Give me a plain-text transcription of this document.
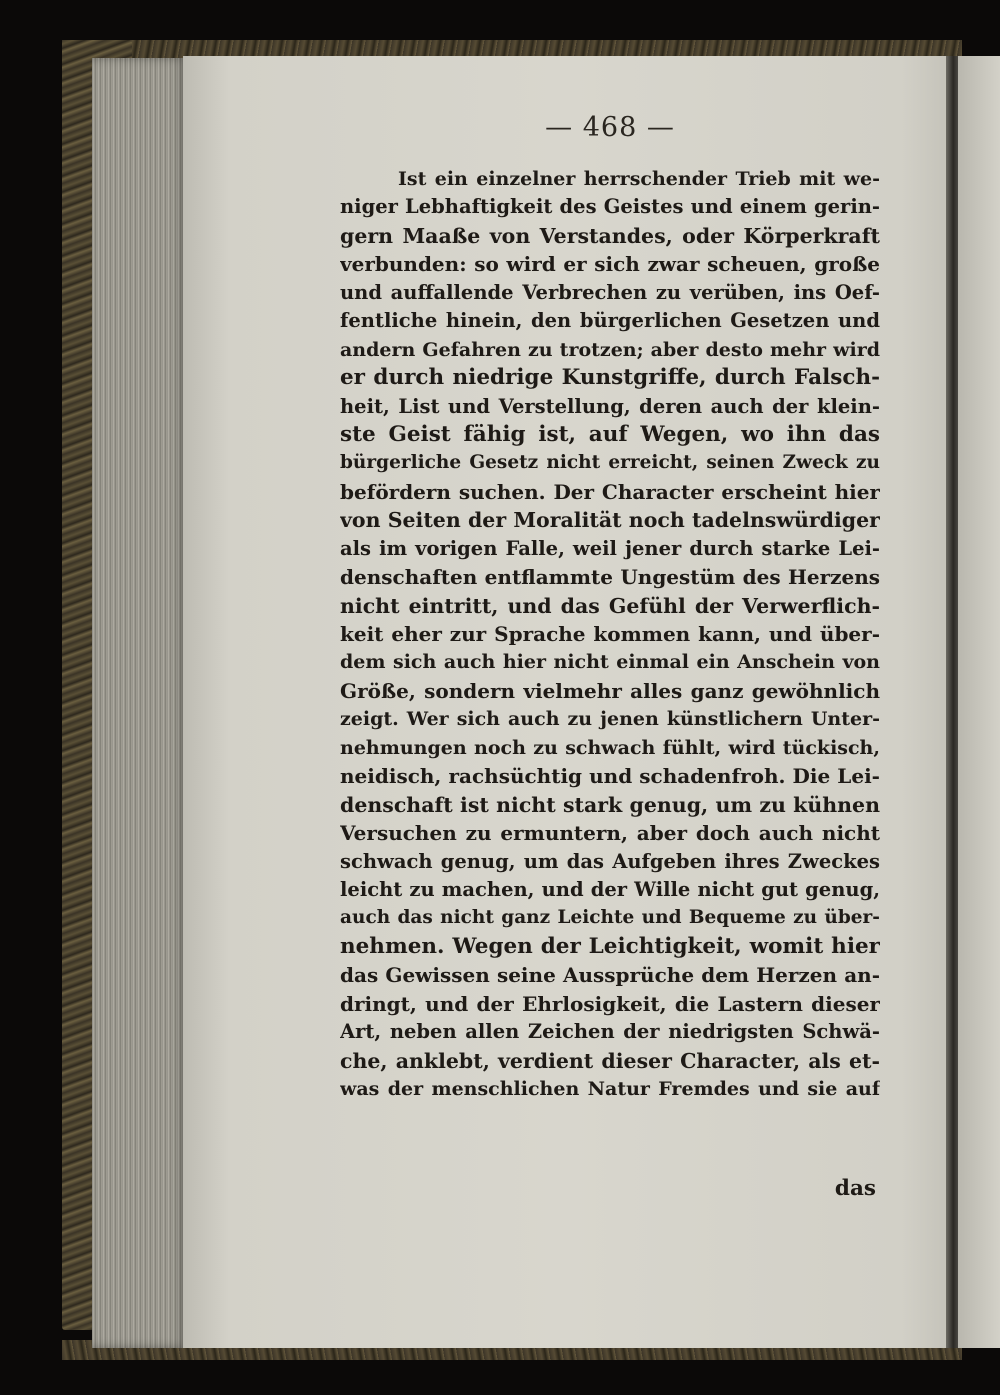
— 468 —
Ist ein einzelner herrschender Trieb mit we-
niger Lebhaftigkeit des Geistes und einem gerin-
gern Maaße von Verstandes, oder Körperkraft
verbunden: so wird er sich zwar scheuen, große
und auffallende Verbrechen zu verüben, ins Oef-
fentliche hinein, den bürgerlichen Gesetzen und
andern Gefahren zu trotzen; aber desto mehr wird
er durch niedrige Kunstgriffe, durch Falsch-
heit, List und Verstellung, deren auch der klein-
ste Geist fähig ist, auf Wegen, wo ihn das
bürgerliche Gesetz nicht erreicht, seinen Zweck zu
befördern suchen. Der Character erscheint hier
von Seiten der Moralität noch tadelnswürdiger
als im vorigen Falle, weil jener durch starke Lei-
denschaften entflammte Ungestüm des Herzens
nicht eintritt, und das Gefühl der Verwerflich-
keit eher zur Sprache kommen kann, und über-
dem sich auch hier nicht einmal ein Anschein von
Größe, sondern vielmehr alles ganz gewöhnlich
zeigt. Wer sich auch zu jenen künstlichern Unter-
nehmungen noch zu schwach fühlt, wird tückisch,
neidisch, rachsüchtig und schadenfroh. Die Lei-
denschaft ist nicht stark genug, um zu kühnen
Versuchen zu ermuntern, aber doch auch nicht
schwach genug, um das Aufgeben ihres Zweckes
leicht zu machen, und der Wille nicht gut genug,
auch das nicht ganz Leichte und Bequeme zu über-
nehmen. Wegen der Leichtigkeit, womit hier
das Gewissen seine Aussprüche dem Herzen an-
dringt, und der Ehrlosigkeit, die Lastern dieser
Art, neben allen Zeichen der niedrigsten Schwä-
che, anklebt, verdient dieser Character, als et-
was der menschlichen Natur Fremdes und sie auf
das
